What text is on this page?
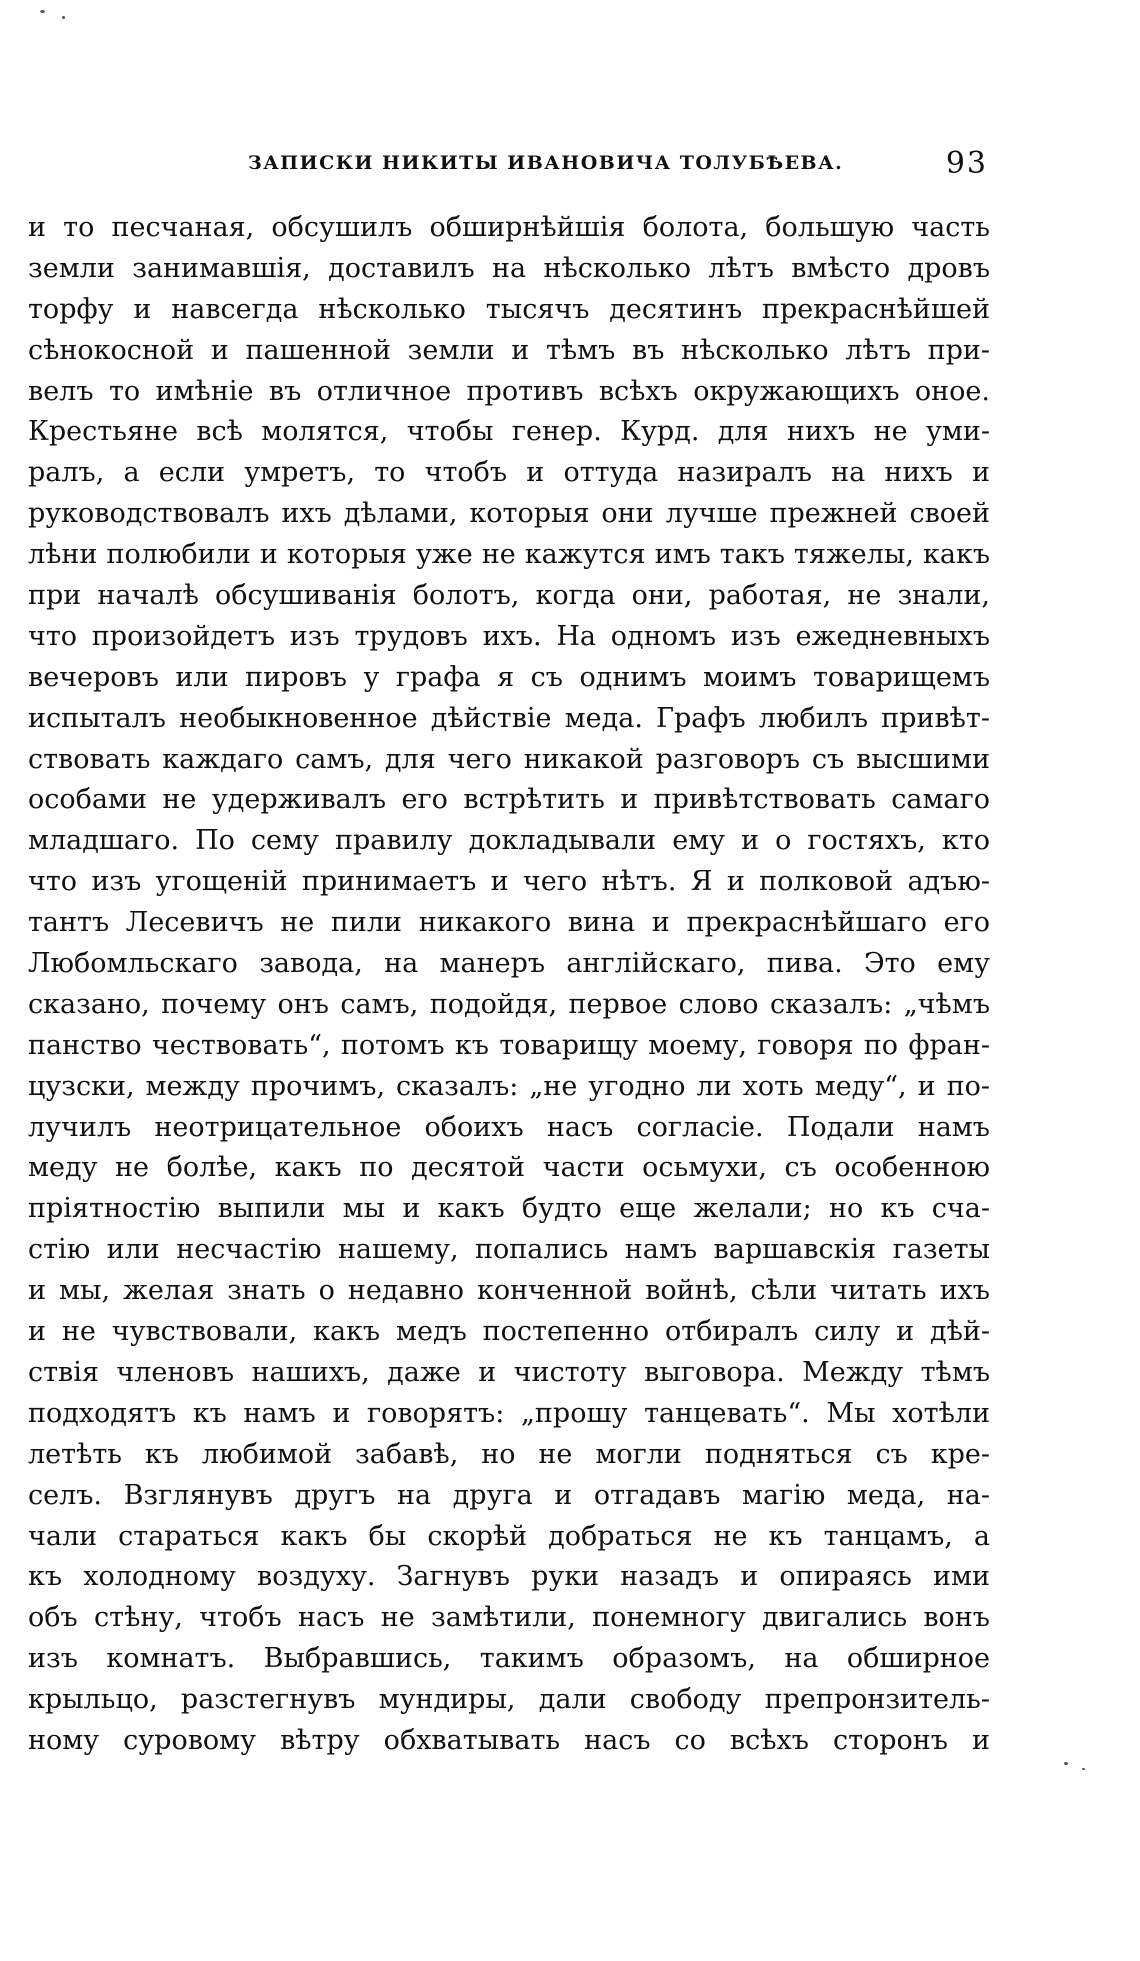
ЗАПИСКИ НИКИТЫ ИВАНОВИЧА ТОЛУБѢЕВА.	93
и то песчаная, обсушилъ обширнѣйшія болота, большую часть
земли занимавшія, доставилъ на нѣсколько лѣтъ вмѣсто дровъ
торфу и навсегда нѣсколько тысячъ десятинъ прекраснѣйшей
сѣнокосной и пашенной земли и тѣмъ въ нѣсколько лѣтъ при-
велъ то имѣніе въ отличное противъ всѣхъ окружающихъ оное.
Крестьяне всѣ молятся, чтобы генер. Курд. для нихъ не уми-
ралъ, а если умретъ, то чтобъ и оттуда назиралъ на нихъ и
руководствовалъ ихъ дѣлами, которыя они лучше прежней своей
лѣни полюбили и которыя уже не кажутся имъ такъ тяжелы, какъ
при началѣ обсушиванія болотъ, когда они, работая, не знали,
что произойдетъ изъ трудовъ ихъ. На одномъ изъ ежедневныхъ
вечеровъ или пировъ у графа я съ однимъ моимъ товарищемъ
испыталъ необыкновенное дѣйствіе меда. Графъ любилъ привѣт-
ствовать каждаго самъ, для чего никакой разговоръ съ высшими
особами не удерживалъ его встрѣтить и привѣтствовать самаго
младшаго. По сему правилу докладывали ему и о гостяхъ, кто
что изъ угощеній принимаетъ и чего нѣтъ. Я и полковой адъю-
тантъ Лесевичъ не пили никакого вина и прекраснѣйшаго его
Любомльскаго завода, на манеръ англійскаго, пива. Это ему
сказано, почему онъ самъ, подойдя, первое слово сказалъ: „чѣмъ
панство чествовать“, потомъ къ товарищу моему, говоря по фран-
цузски, между прочимъ, сказалъ: „не угодно ли хоть меду“, и по-
лучилъ неотрицательное обоихъ насъ согласіе. Подали намъ
меду не болѣе, какъ по десятой части осьмухи, съ особенною
пріятностію выпили мы и какъ будто еще желали; но къ сча-
стію или несчастію нашему, попались намъ варшавскія газеты
и мы, желая знать о недавно конченной войнѣ, сѣли читать ихъ
и не чувствовали, какъ медъ постепенно отбиралъ силу и дѣй-
ствія членовъ нашихъ, даже и чистоту выговора. Между тѣмъ
подходятъ къ намъ и говорятъ: „прошу танцевать“. Мы хотѣли
летѣть къ любимой забавѣ, но не могли подняться съ кре-
селъ. Взглянувъ другъ на друга и отгадавъ магію меда, на-
чали стараться какъ бы скорѣй добраться не къ танцамъ, а
къ холодному воздуху. Загнувъ руки назадъ и опираясь ими
объ стѣну, чтобъ насъ не замѣтили, понемногу двигались вонъ
изъ комнатъ. Выбравшись, такимъ образомъ, на обширное
крыльцо, разстегнувъ мундиры, дали свободу препронзитель-
ному суровому вѣтру обхватывать насъ со всѣхъ сторонъ и
